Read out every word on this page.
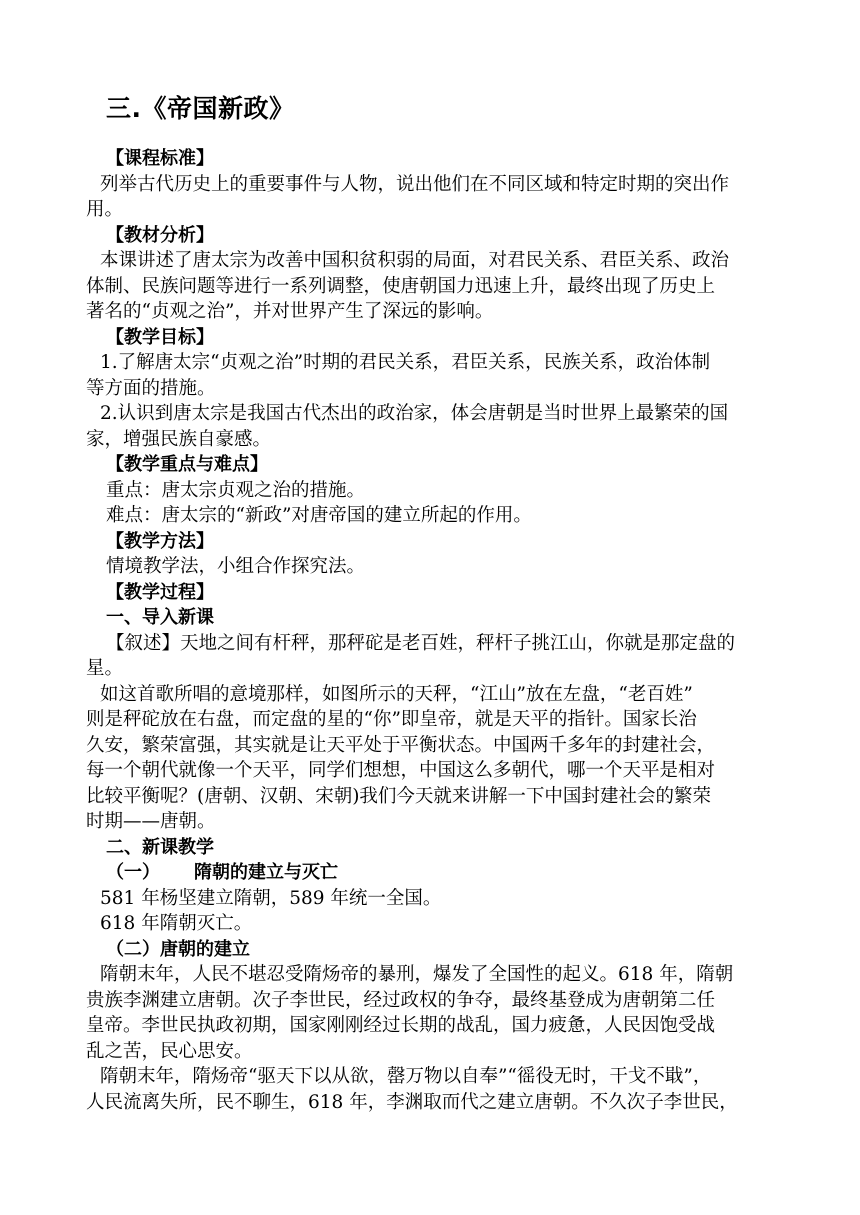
三.《帝国新政》
【课程标准】
列举古代历史上的重要事件与人物，说出他们在不同区域和特定时期的突出作
用。
【教材分析】
本课讲述了唐太宗为改善中国积贫积弱的局面，对君民关系、君臣关系、政治
体制、民族问题等进行一系列调整，使唐朝国力迅速上升，最终出现了历史上
著名的“贞观之治”，并对世界产生了深远的影响。
【教学目标】
1.了解唐太宗“贞观之治”时期的君民关系，君臣关系，民族关系，政治体制
等方面的措施。
2.认识到唐太宗是我国古代杰出的政治家，体会唐朝是当时世界上最繁荣的国
家，增强民族自豪感。
【教学重点与难点】
重点：唐太宗贞观之治的措施。
难点：唐太宗的“新政”对唐帝国的建立所起的作用。
【教学方法】
情境教学法，小组合作探究法。
【教学过程】
一、导入新课
【叙述】天地之间有杆秤，那秤砣是老百姓，秤杆子挑江山，你就是那定盘的
星。
如这首歌所唱的意境那样，如图所示的天秤，“江山”放在左盘，“老百姓”
则是秤砣放在右盘，而定盘的星的“你”即皇帝，就是天平的指针。国家长治
久安，繁荣富强，其实就是让天平处于平衡状态。中国两千多年的封建社会，
每一个朝代就像一个天平，同学们想想，中国这么多朝代，哪一个天平是相对
比较平衡呢？(唐朝、汉朝、宋朝)我们今天就来讲解一下中国封建社会的繁荣
时期——唐朝。
二、新课教学
（一） 隋朝的建立与灭亡
581 年杨坚建立隋朝，589 年统一全国。
618 年隋朝灭亡。
（二）唐朝的建立
隋朝末年，人民不堪忍受隋炀帝的暴刑，爆发了全国性的起义。618 年，隋朝
贵族李渊建立唐朝。次子李世民，经过政权的争夺，最终基登成为唐朝第二任
皇帝。李世民执政初期，国家刚刚经过长期的战乱，国力疲惫，人民因饱受战
乱之苦，民心思安。
隋朝末年，隋炀帝“驱天下以从欲，罄万物以自奉”“徭役无时，干戈不戢”，
人民流离失所，民不聊生，618 年，李渊取而代之建立唐朝。不久次子李世民，
